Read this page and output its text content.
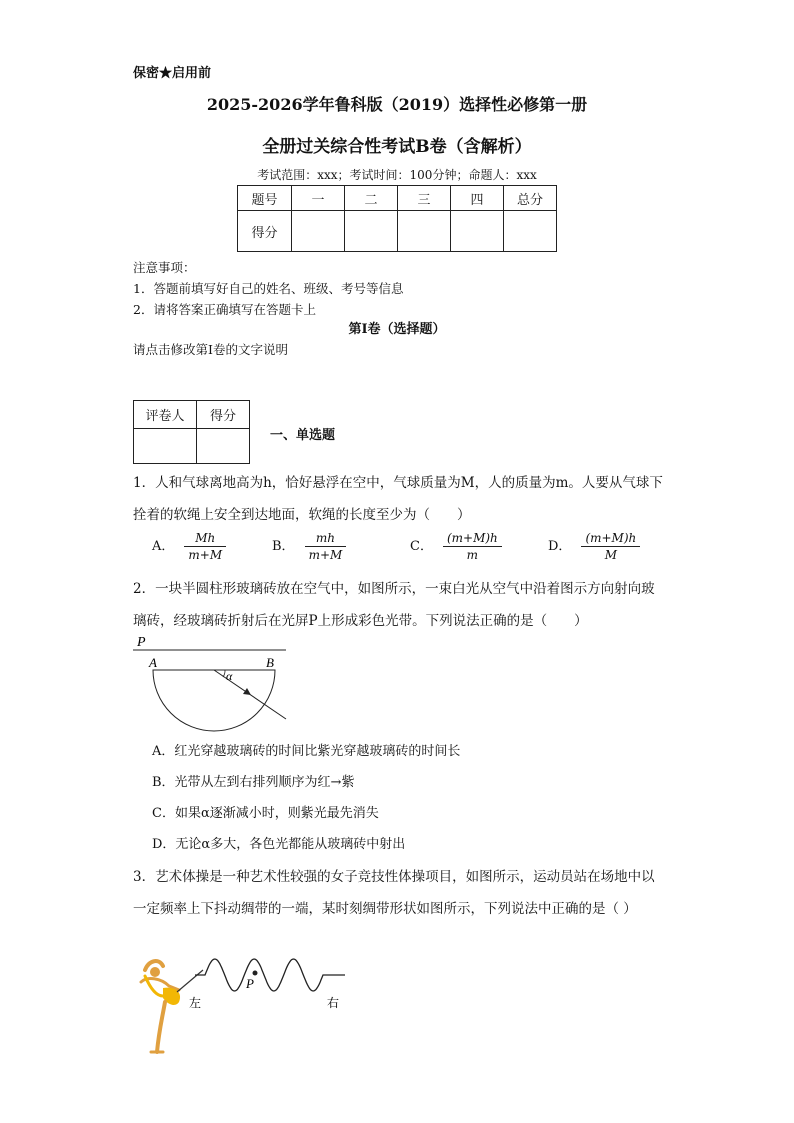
保密★启用前
2025-2026学年鲁科版（2019）选择性必修第一册
全册过关综合性考试B卷（含解析）
考试范围：xxx；考试时间：100分钟；命题人：xxx
题号	一	二	三	四	总分
得分					
注意事项：
1．答题前填写好自己的姓名、班级、考号等信息
2．请将答案正确填写在答题卡上
第I卷（选择题）
请点击修改第I卷的文字说明
评卷人	得分

一、单选题
1．人和气球离地高为h，恰好悬浮在空中，气球质量为M，人的质量为m。人要从气球下拴着的软绳上安全到达地面，软绳的长度至少为（　　）
A． $\frac{Mh}{m+M}$	B． $\frac{mh}{m+M}$	C． $\frac{(m+M)h}{m}$	D． $\frac{(m+M)h}{M}$
2．一块半圆柱形玻璃砖放在空气中，如图所示，一束白光从空气中沿着图示方向射向玻璃砖，经玻璃砖折射后在光屏P上形成彩色光带。下列说法正确的是（　　）
P
A	B
α
A．红光穿越玻璃砖的时间比紫光穿越玻璃砖的时间长
B．光带从左到右排列顺序为红→紫
C．如果α逐渐减小时，则紫光最先消失
D．无论α多大，各色光都能从玻璃砖中射出
3．艺术体操是一种艺术性较强的女子竞技性体操项目，如图所示，运动员站在场地中以一定频率上下抖动绸带的一端，某时刻绸带形状如图所示，下列说法中正确的是（ ）
P
左	右
